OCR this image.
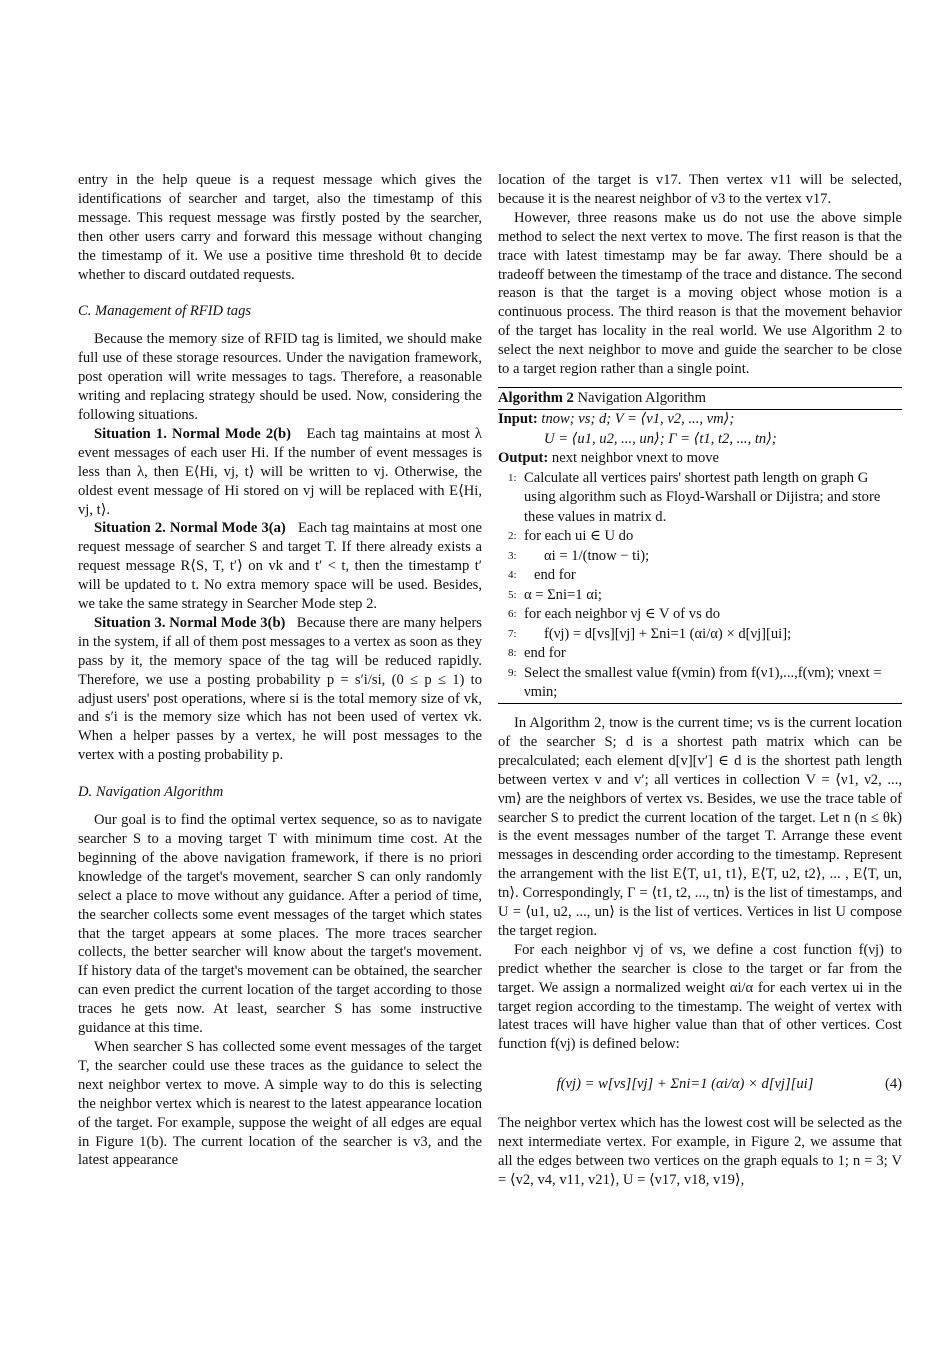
entry in the help queue is a request message which gives the identifications of searcher and target, also the timestamp of this message. This request message was firstly posted by the searcher, then other users carry and forward this message without changing the timestamp of it. We use a positive time threshold θt to decide whether to discard outdated requests.

C. Management of RFID tags

Because the memory size of RFID tag is limited, we should make full use of these storage resources. Under the navigation framework, post operation will write messages to tags. Therefore, a reasonable writing and replacing strategy should be used. Now, considering the following situations.

Situation 1. Normal Mode 2(b) Each tag maintains at most λ event messages of each user Hi. If the number of event messages is less than λ, then E⟨Hi, vj, t⟩ will be written to vj. Otherwise, the oldest event message of Hi stored on vj will be replaced with E⟨Hi, vj, t⟩.

Situation 2. Normal Mode 3(a) Each tag maintains at most one request message of searcher S and target T. If there already exists a request message R⟨S, T, t′⟩ on vk and t′ < t, then the timestamp t′ will be updated to t. No extra memory space will be used. Besides, we take the same strategy in Searcher Mode step 2.

Situation 3. Normal Mode 3(b) Because there are many helpers in the system, if all of them post messages to a vertex as soon as they pass by it, the memory space of the tag will be reduced rapidly. Therefore, we use a posting probability p = s′i/si, (0 ≤ p ≤ 1) to adjust users' post operations, where si is the total memory size of vk, and s′i is the memory size which has not been used of vertex vk. When a helper passes by a vertex, he will post messages to the vertex with a posting probability p.

D. Navigation Algorithm

Our goal is to find the optimal vertex sequence, so as to navigate searcher S to a moving target T with minimum time cost. At the beginning of the above navigation framework, if there is no priori knowledge of the target's movement, searcher S can only randomly select a place to move without any guidance. After a period of time, the searcher collects some event messages of the target which states that the target appears at some places. The more traces searcher collects, the better searcher will know about the target's movement. If history data of the target's movement can be obtained, the searcher can even predict the current location of the target according to those traces he gets now. At least, searcher S has some instructive guidance at this time.

When searcher S has collected some event messages of the target T, the searcher could use these traces as the guidance to select the next neighbor vertex to move. A simple way to do this is selecting the neighbor vertex which is nearest to the latest appearance location of the target. For example, suppose the weight of all edges are equal in Figure 1(b). The current location of the searcher is v3, and the latest appearance

location of the target is v17. Then vertex v11 will be selected, because it is the nearest neighbor of v3 to the vertex v17.

However, three reasons make us do not use the above simple method to select the next vertex to move. The first reason is that the trace with latest timestamp may be far away. There should be a tradeoff between the timestamp of the trace and distance. The second reason is that the target is a moving object whose motion is a continuous process. The third reason is that the movement behavior of the target has locality in the real world. We use Algorithm 2 to select the next neighbor to move and guide the searcher to be close to a target region rather than a single point.

Algorithm 2 Navigation Algorithm
Input: tnow; vs; d; V = ⟨ν1, ν2, ..., νm⟩;
U = ⟨u1, u2, ..., un⟩; Γ = ⟨t1, t2, ..., tn⟩;
Output: next neighbor νnext to move
1: Calculate all vertices pairs' shortest path length on graph G using algorithm such as Floyd-Warshall or Dijistra; and store these values in matrix d.
2: for each ui ∈ U do
3:	αi = 1/(tnow − ti);
4:	end for
5: α = Σni=1 αi;
6: for each neighbor νj ∈ V of vs do
7:	f(νj) = d[vs][νj] + Σni=1 (αi/α) × d[νj][ui];
8: end for
9: Select the smallest value f(νmin) from f(ν1),...,f(νm); νnext = νmin;

In Algorithm 2, tnow is the current time; vs is the current location of the searcher S; d is a shortest path matrix which can be precalculated; each element d[v][v′] ∈ d is the shortest path length between vertex v and v′; all vertices in collection V = ⟨ν1, ν2, ..., νm⟩ are the neighbors of vertex vs. Besides, we use the trace table of searcher S to predict the current location of the target. Let n (n ≤ θk) is the event messages number of the target T. Arrange these event messages in descending order according to the timestamp. Represent the arrangement with the list E⟨T, u1, t1⟩, E⟨T, u2, t2⟩, ... , E⟨T, un, tn⟩. Correspondingly, Γ = ⟨t1, t2, ..., tn⟩ is the list of timestamps, and U = ⟨u1, u2, ..., un⟩ is the list of vertices. Vertices in list U compose the target region.

For each neighbor νj of vs, we define a cost function f(νj) to predict whether the searcher is close to the target or far from the target. We assign a normalized weight αi/α for each vertex ui in the target region according to the timestamp. The weight of vertex with latest traces will have higher value than that of other vertices. Cost function f(νj) is defined below:

f(νj) = w[vs][νj] + Σni=1 (αi/α) × d[νj][ui]	(4)

The neighbor vertex which has the lowest cost will be selected as the next intermediate vertex. For example, in Figure 2, we assume that all the edges between two vertices on the graph equals to 1; n = 3; V = ⟨v2, v4, v11, v21⟩, U = ⟨v17, v18, v19⟩,
